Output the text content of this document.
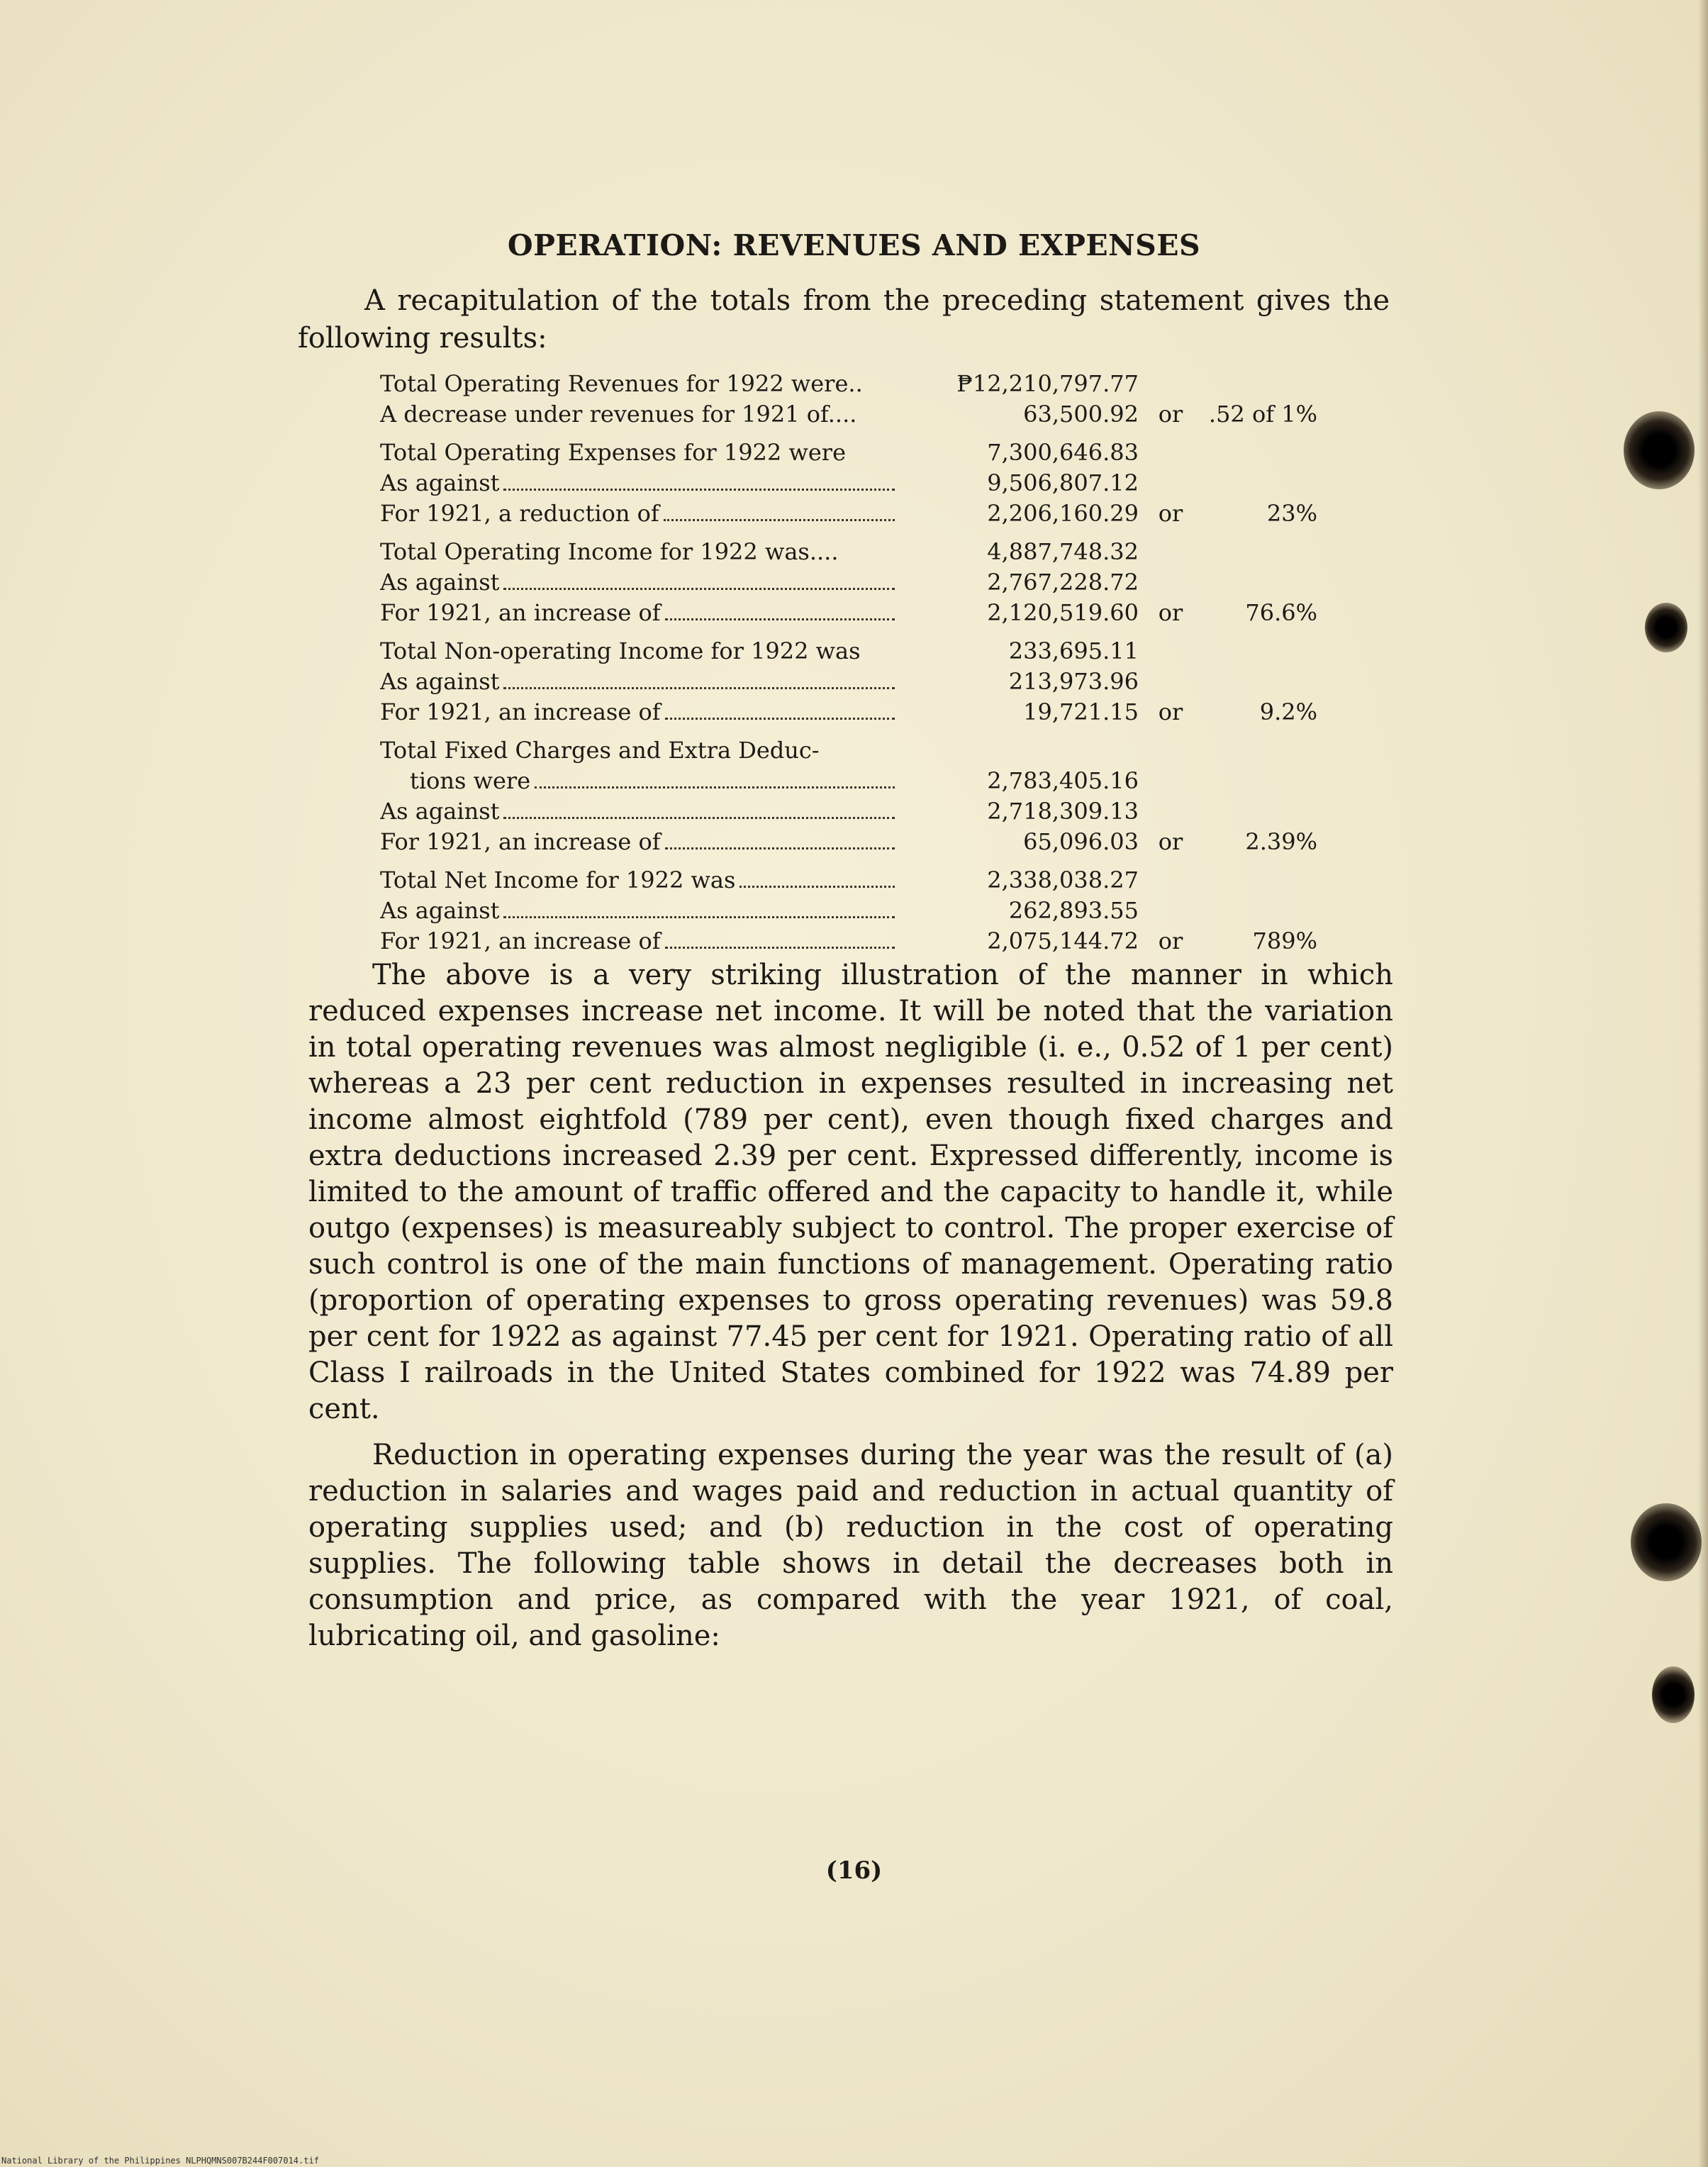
OPERATION: REVENUES AND EXPENSES
A recapitulation of the totals from the preceding statement gives the following results:
Total Operating Revenues for 1922 were..	₱12,210,797.77
A decrease under revenues for 1921 of....	63,500.92 or	.52 of 1%
Total Operating Expenses for 1922 were	7,300,646.83
As against	9,506,807.12
For 1921, a reduction of	2,206,160.29 or	23%
Total Operating Income for 1922 was....	4,887,748.32
As against	2,767,228.72
For 1921, an increase of	2,120,519.60 or	76.6%
Total Non-operating Income for 1922 was	233,695.11
As against	213,973.96
For 1921, an increase of	19,721.15 or	9.2%
Total Fixed Charges and Extra Deduc-
tions were	2,783,405.16
As against	2,718,309.13
For 1921, an increase of	65,096.03 or	2.39%
Total Net Income for 1922 was	2,338,038.27
As against	262,893.55
For 1921, an increase of	2,075,144.72 or	789%

The above is a very striking illustration of the manner in which reduced expenses increase net income. It will be noted that the variation in total operating revenues was almost negligible (i. e., 0.52 of 1 per cent) whereas a 23 per cent reduction in expenses resulted in increasing net income almost eightfold (789 per cent), even though fixed charges and extra deductions increased 2.39 per cent. Expressed differently, income is limited to the amount of traffic offered and the capacity to handle it, while outgo (expenses) is measureably subject to control. The proper exercise of such control is one of the main functions of management. Operating ratio (proportion of operating expenses to gross operating revenues) was 59.8 per cent for 1922 as against 77.45 per cent for 1921. Operating ratio of all Class I railroads in the United States combined for 1922 was 74.89 per cent.

Reduction in operating expenses during the year was the result of (a) reduction in salaries and wages paid and reduction in actual quantity of operating supplies used; and (b) reduction in the cost of operating supplies. The following table shows in detail the decreases both in consumption and price, as compared with the year 1921, of coal, lubricating oil, and gasoline:

(16)
National Library of the Philippines NLPHQMNS007B244F007014.tif
